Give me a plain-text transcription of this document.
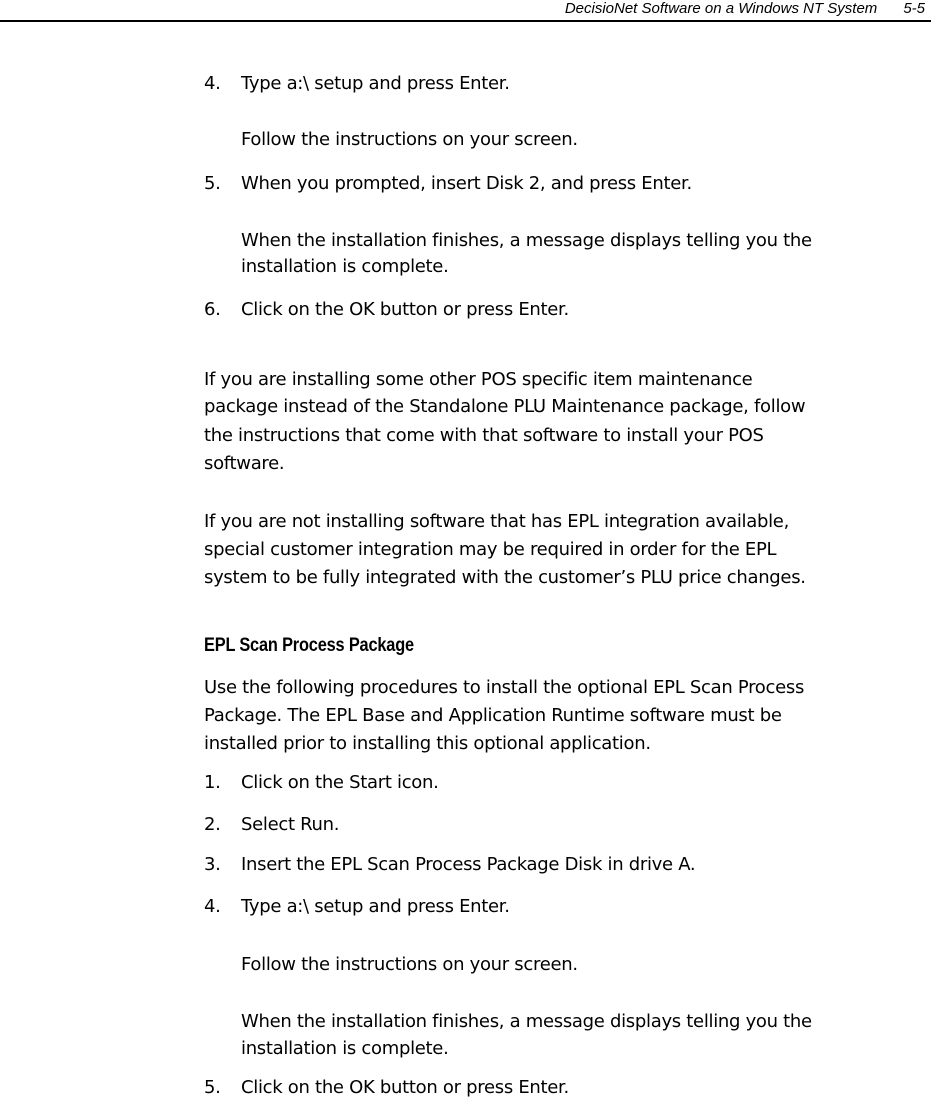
DecisioNet Software on a Windows NT System 5-5
4. Type a:\ setup and press Enter.
Follow the instructions on your screen.
5. When you prompted, insert Disk 2, and press Enter.
When the installation finishes, a message displays telling you the
installation is complete.
6. Click on the OK button or press Enter.
If you are installing some other POS specific item maintenance
package instead of the Standalone PLU Maintenance package, follow
the instructions that come with that software to install your POS
software.
If you are not installing software that has EPL integration available,
special customer integration may be required in order for the EPL
system to be fully integrated with the customer’s PLU price changes.
EPL Scan Process Package
Use the following procedures to install the optional EPL Scan Process
Package. The EPL Base and Application Runtime software must be
installed prior to installing this optional application.
1. Click on the Start icon.
2. Select Run.
3. Insert the EPL Scan Process Package Disk in drive A.
4. Type a:\ setup and press Enter.
Follow the instructions on your screen.
When the installation finishes, a message displays telling you the
installation is complete.
5. Click on the OK button or press Enter.
